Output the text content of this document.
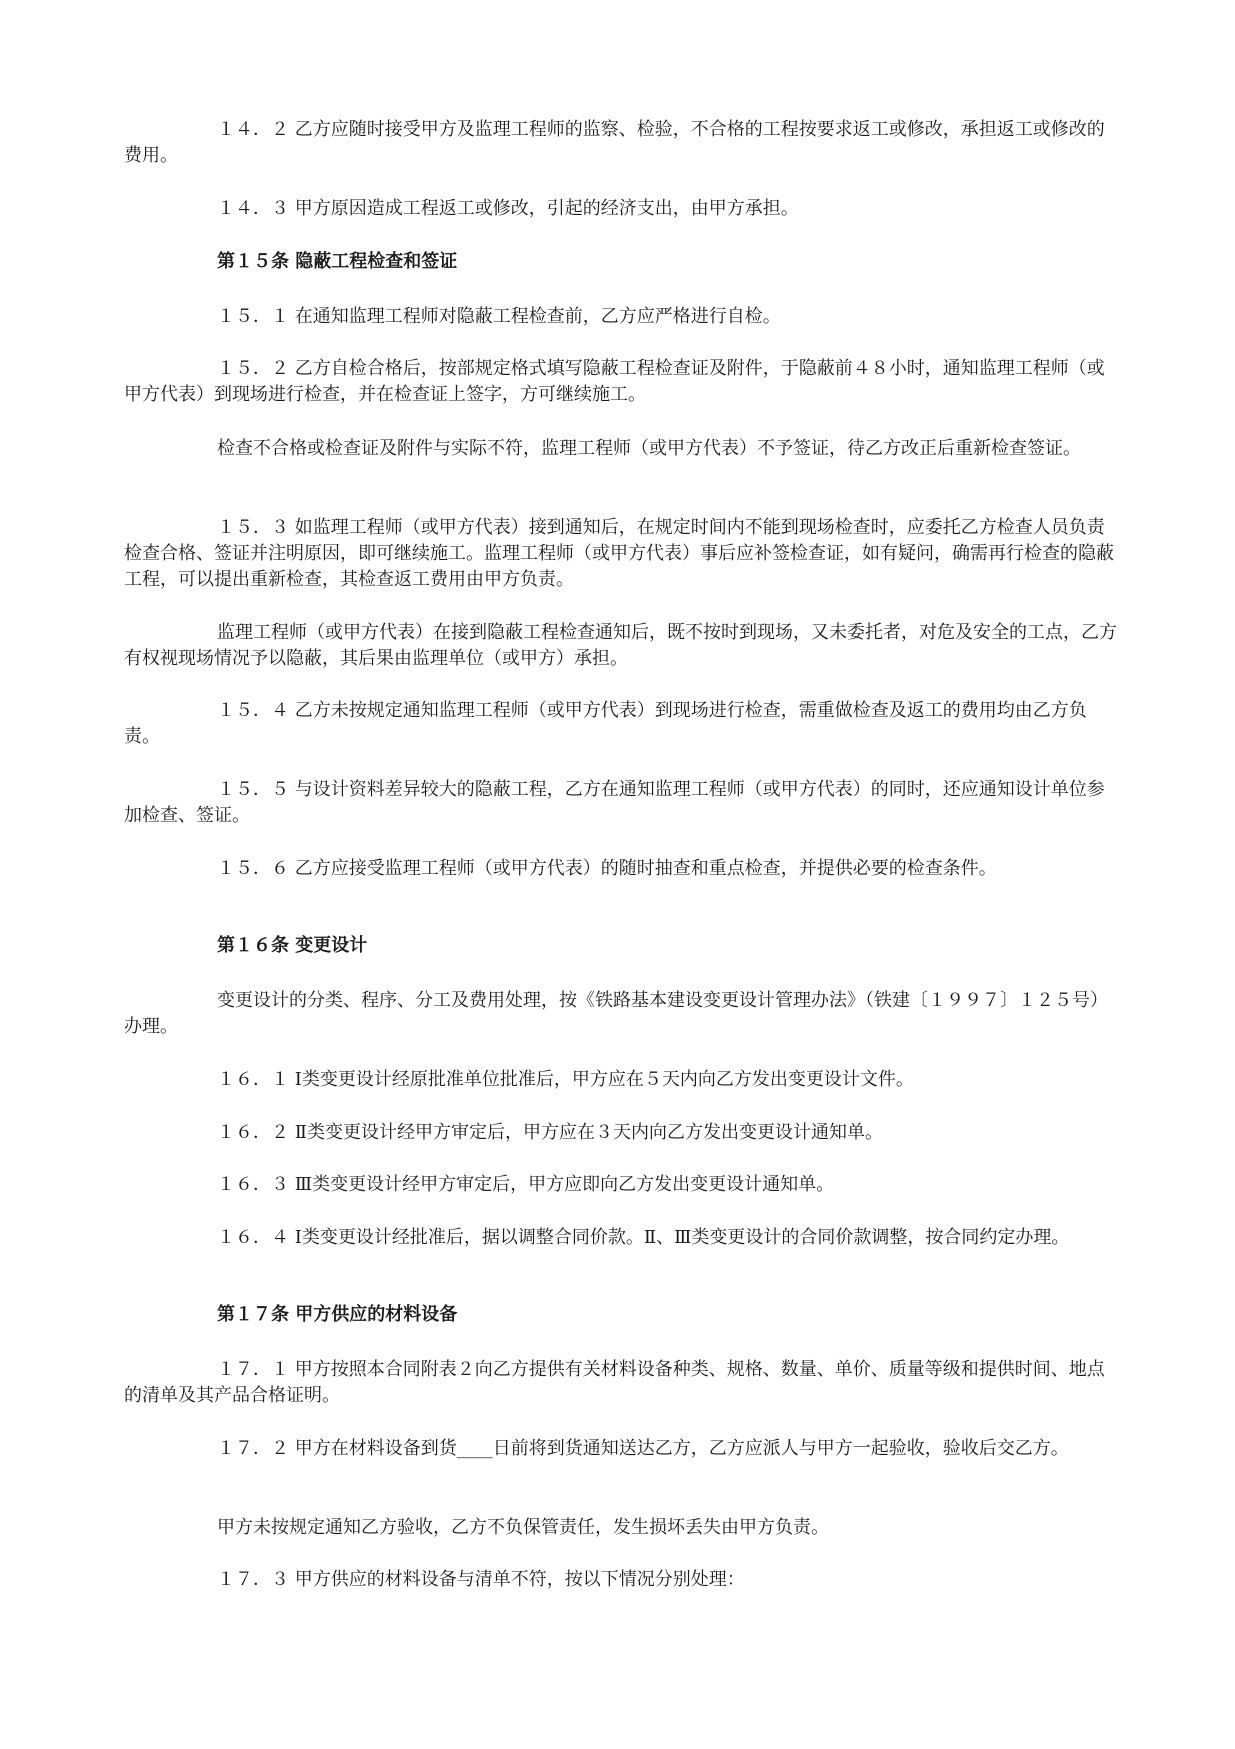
１４．２ 乙方应随时接受甲方及监理工程师的监察、检验，不合格的工程按要求返工或修改，承担返工或修改的费用。

１４．３ 甲方原因造成工程返工或修改，引起的经济支出，由甲方承担。

第１５条 隐蔽工程检查和签证

１５．１ 在通知监理工程师对隐蔽工程检查前，乙方应严格进行自检。

１５．２ 乙方自检合格后，按部规定格式填写隐蔽工程检查证及附件，于隐蔽前４８小时，通知监理工程师（或甲方代表）到现场进行检查，并在检查证上签字，方可继续施工。

检查不合格或检查证及附件与实际不符，监理工程师（或甲方代表）不予签证，待乙方改正后重新检查签证。

１５．３ 如监理工程师（或甲方代表）接到通知后，在规定时间内不能到现场检查时，应委托乙方检查人员负责检查合格、签证并注明原因，即可继续施工。监理工程师（或甲方代表）事后应补签检查证，如有疑问，确需再行检查的隐蔽工程，可以提出重新检查，其检查返工费用由甲方负责。

监理工程师（或甲方代表）在接到隐蔽工程检查通知后，既不按时到现场，又未委托者，对危及安全的工点，乙方有权视现场情况予以隐蔽，其后果由监理单位（或甲方）承担。

１５．４ 乙方未按规定通知监理工程师（或甲方代表）到现场进行检查，需重做检查及返工的费用均由乙方负责。

１５．５ 与设计资料差异较大的隐蔽工程，乙方在通知监理工程师（或甲方代表）的同时，还应通知设计单位参加检查、签证。

１５．６ 乙方应接受监理工程师（或甲方代表）的随时抽查和重点检查，并提供必要的检查条件。

第１６条 变更设计

变更设计的分类、程序、分工及费用处理，按《铁路基本建设变更设计管理办法》（铁建〔１９９７〕１２５号）办理。

１６．１ Ⅰ类变更设计经原批准单位批准后，甲方应在５天内向乙方发出变更设计文件。

１６．２ Ⅱ类变更设计经甲方审定后，甲方应在３天内向乙方发出变更设计通知单。

１６．３ Ⅲ类变更设计经甲方审定后，甲方应即向乙方发出变更设计通知单。

１６．４ Ⅰ类变更设计经批准后，据以调整合同价款。Ⅱ、Ⅲ类变更设计的合同价款调整，按合同约定办理。

第１７条 甲方供应的材料设备

１７．１ 甲方按照本合同附表２向乙方提供有关材料设备种类、规格、数量、单价、质量等级和提供时间、地点的清单及其产品合格证明。

１７．２ 甲方在材料设备到货____日前将到货通知送达乙方，乙方应派人与甲方一起验收，验收后交乙方。

甲方未按规定通知乙方验收，乙方不负保管责任，发生损坏丢失由甲方负责。

１７．３ 甲方供应的材料设备与清单不符，按以下情况分别处理：
